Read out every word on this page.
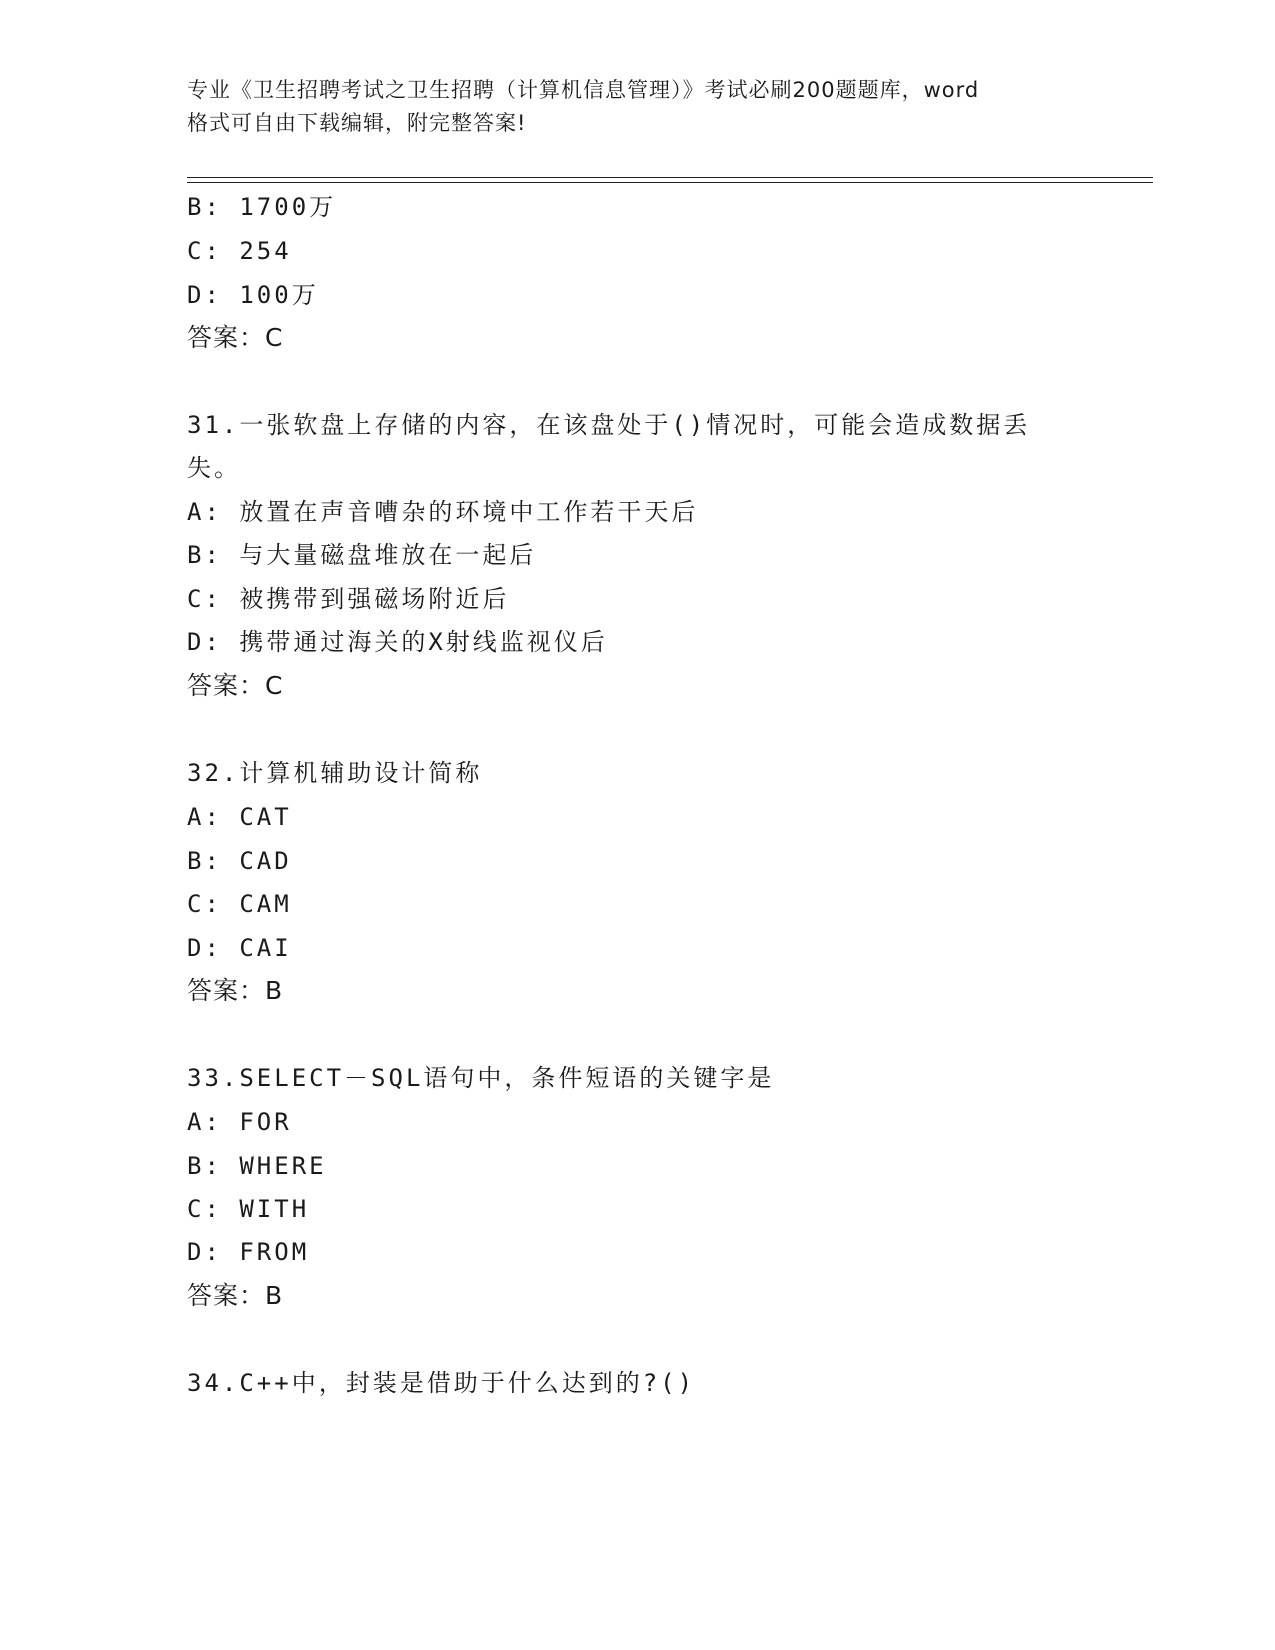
专业《卫生招聘考试之卫生招聘（计算机信息管理）》考试必刷200题题库，word
格式可自由下载编辑，附完整答案!
B: 1700万
C: 254
D: 100万
答案：C
31.一张软盘上存储的内容，在该盘处于()情况时，可能会造成数据丢
失。
A: 放置在声音嘈杂的环境中工作若干天后
B: 与大量磁盘堆放在一起后
C: 被携带到强磁场附近后
D: 携带通过海关的X射线监视仪后
答案：C
32.计算机辅助设计简称
A: CAT
B: CAD
C: CAM
D: CAI
答案：B
33.SELECT－SQL语句中，条件短语的关键字是
A: FOR
B: WHERE
C: WITH
D: FROM
答案：B
34.C++中，封装是借助于什么达到的?()
